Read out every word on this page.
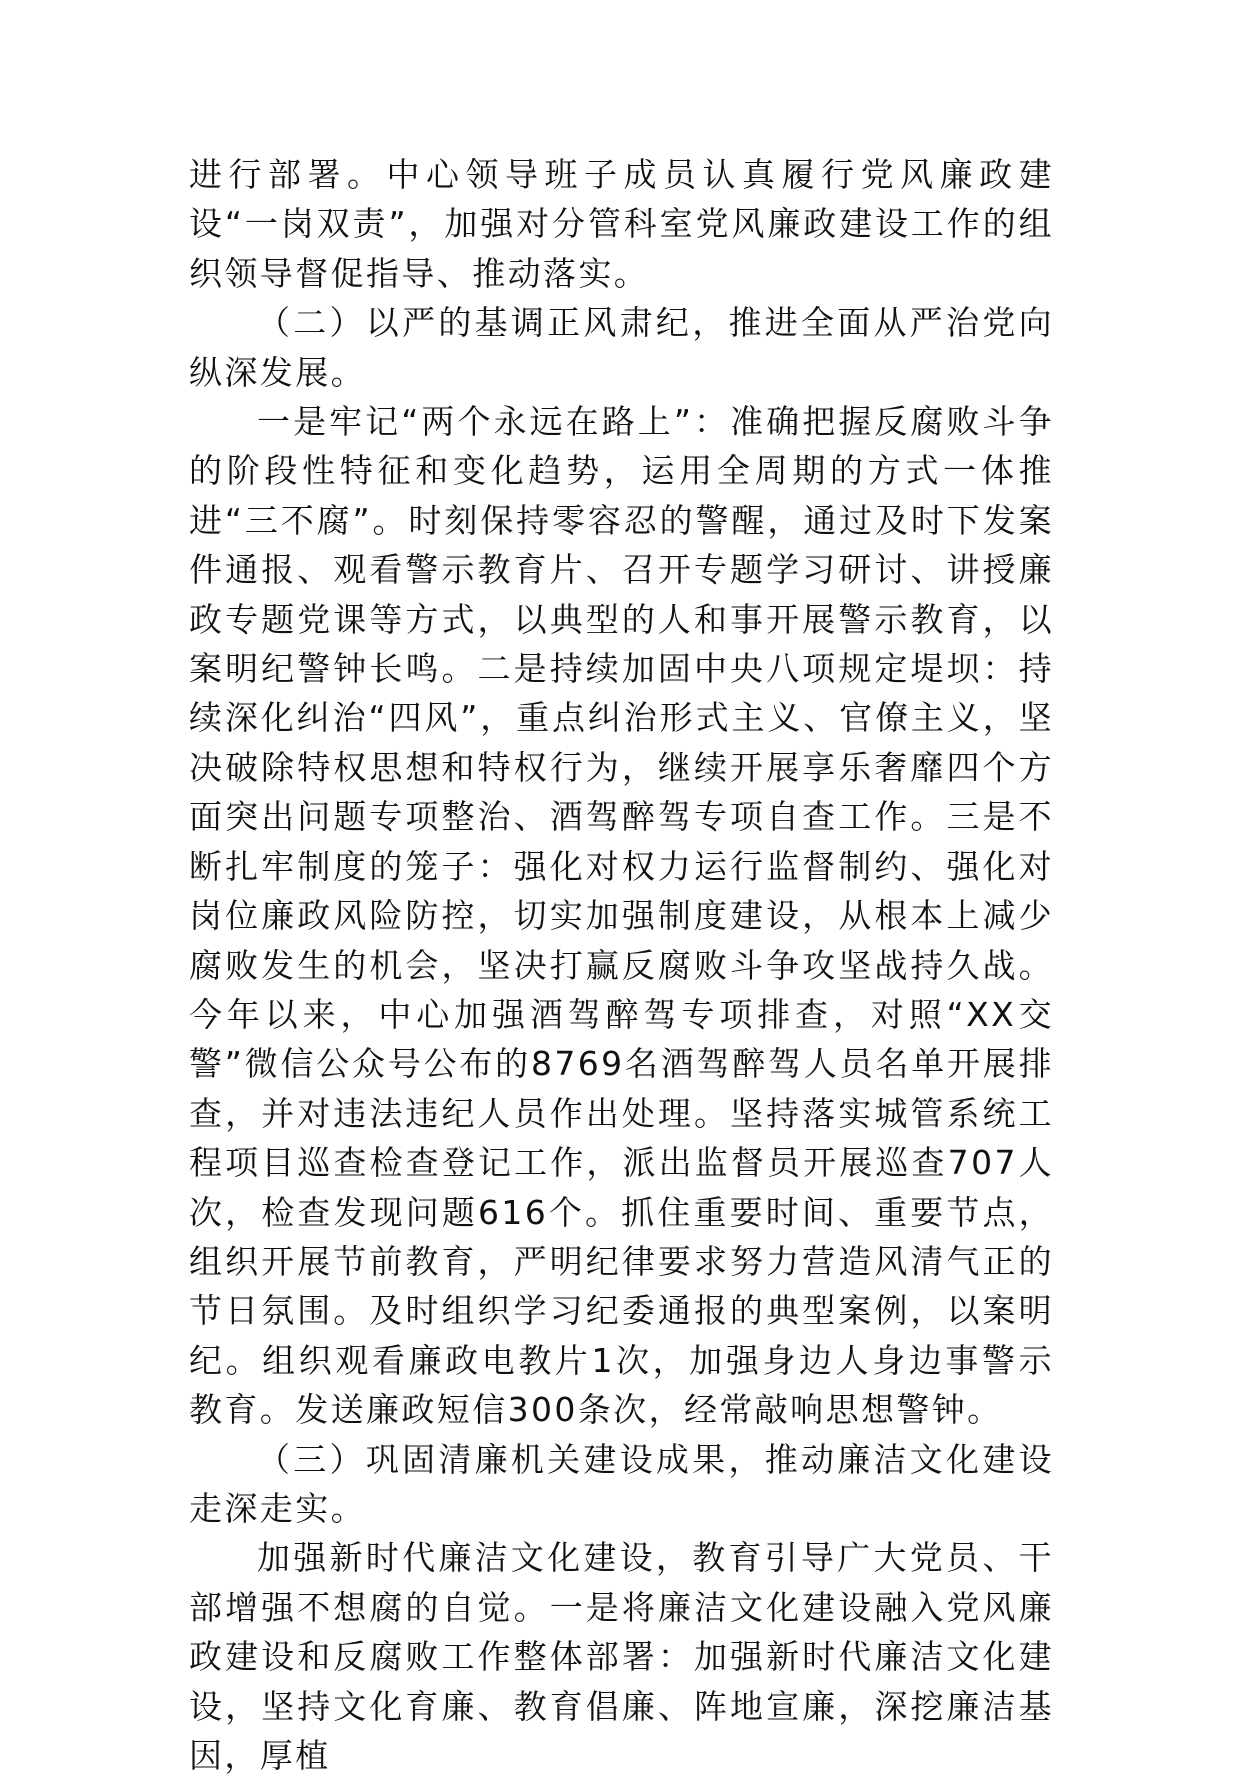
进行部署。中心领导班子成员认真履行党风廉政建设“一岗双责”，加强对分管科室党风廉政建设工作的组织领导督促指导、推动落实。

（二）以严的基调正风肃纪，推进全面从严治党向纵深发展。

一是牢记“两个永远在路上”：准确把握反腐败斗争的阶段性特征和变化趋势，运用全周期的方式一体推进“三不腐”。时刻保持零容忍的警醒，通过及时下发案件通报、观看警示教育片、召开专题学习研讨、讲授廉政专题党课等方式，以典型的人和事开展警示教育，以案明纪警钟长鸣。二是持续加固中央八项规定堤坝：持续深化纠治“四风”，重点纠治形式主义、官僚主义，坚决破除特权思想和特权行为，继续开展享乐奢靡四个方面突出问题专项整治、酒驾醉驾专项自查工作。三是不断扎牢制度的笼子：强化对权力运行监督制约、强化对岗位廉政风险防控，切实加强制度建设，从根本上减少腐败发生的机会，坚决打赢反腐败斗争攻坚战持久战。今年以来，中心加强酒驾醉驾专项排查，对照“XX交警”微信公众号公布的8769名酒驾醉驾人员名单开展排查，并对违法违纪人员作出处理。坚持落实城管系统工程项目巡查检查登记工作，派出监督员开展巡查707人次，检查发现问题616个。抓住重要时间、重要节点，组织开展节前教育，严明纪律要求努力营造风清气正的节日氛围。及时组织学习纪委通报的典型案例，以案明纪。组织观看廉政电教片1次，加强身边人身边事警示教育。发送廉政短信300条次，经常敲响思想警钟。

（三）巩固清廉机关建设成果，推动廉洁文化建设走深走实。

加强新时代廉洁文化建设，教育引导广大党员、干部增强不想腐的自觉。一是将廉洁文化建设融入党风廉政建设和反腐败工作整体部署：加强新时代廉洁文化建设，坚持文化育廉、教育倡廉、阵地宣廉，深挖廉洁基因，厚植
